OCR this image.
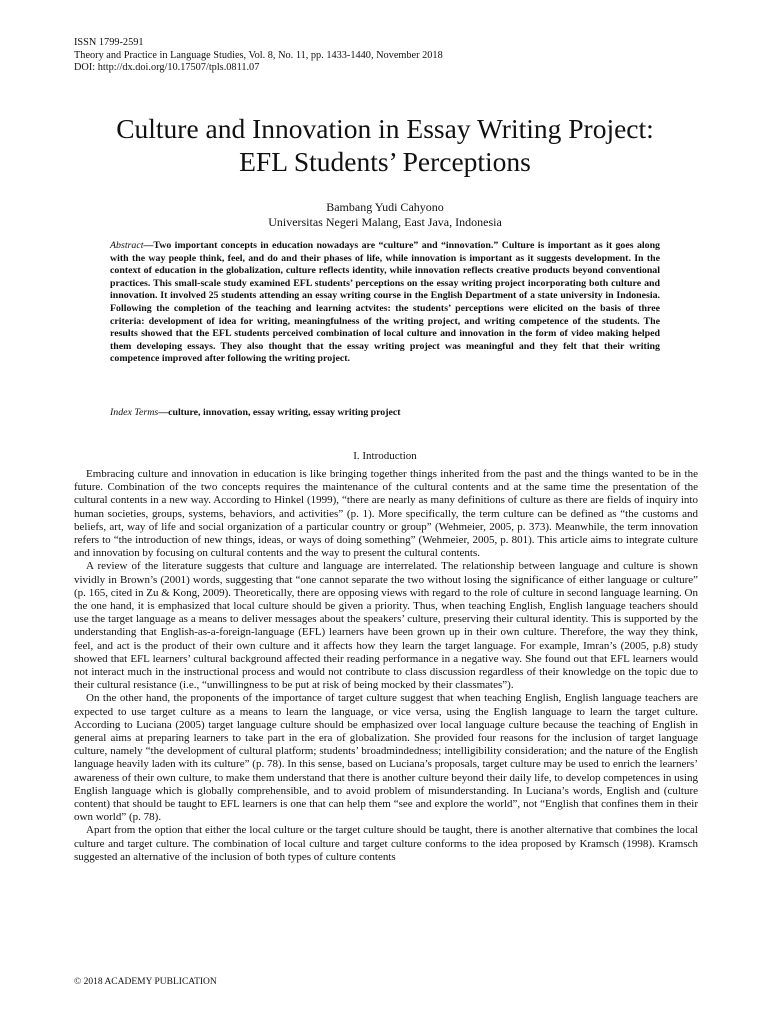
ISSN 1799-2591
Theory and Practice in Language Studies, Vol. 8, No. 11, pp. 1433-1440, November 2018
DOI: http://dx.doi.org/10.17507/tpls.0811.07
Culture and Innovation in Essay Writing Project:
EFL Students’ Perceptions
Bambang Yudi Cahyono
Universitas Negeri Malang, East Java, Indonesia
Abstract—Two important concepts in education nowadays are “culture” and “innovation.” Culture is important as it goes along with the way people think, feel, and do and their phases of life, while innovation is important as it suggests development. In the context of education in the globalization, culture reflects identity, while innovation reflects creative products beyond conventional practices. This small-scale study examined EFL students’ perceptions on the essay writing project incorporating both culture and innovation. It involved 25 students attending an essay writing course in the English Department of a state university in Indonesia. Following the completion of the teaching and learning actvites: the students’ perceptions were elicited on the basis of three criteria: development of idea for writing, meaningfulness of the writing project, and writing competence of the students. The results showed that the EFL students perceived combination of local culture and innovation in the form of video making helped them developing essays. They also thought that the essay writing project was meaningful and they felt that their writing competence improved after following the writing project.
Index Terms—culture, innovation, essay writing, essay writing project
I. Introduction

Embracing culture and innovation in education is like bringing together things inherited from the past and the things wanted to be in the future. Combination of the two concepts requires the maintenance of the cultural contents and at the same time the presentation of the cultural contents in a new way. According to Hinkel (1999), “there are nearly as many definitions of culture as there are fields of inquiry into human societies, groups, systems, behaviors, and activities” (p. 1). More specifically, the term culture can be defined as “the customs and beliefs, art, way of life and social organization of a particular country or group” (Wehmeier, 2005, p. 373). Meanwhile, the term innovation refers to “the introduction of new things, ideas, or ways of doing something” (Wehmeier, 2005, p. 801). This article aims to integrate culture and innovation by focusing on cultural contents and the way to present the cultural contents.

A review of the literature suggests that culture and language are interrelated. The relationship between language and culture is shown vividly in Brown’s (2001) words, suggesting that “one cannot separate the two without losing the significance of either language or culture” (p. 165, cited in Zu & Kong, 2009). Theoretically, there are opposing views with regard to the role of culture in second language learning. On the one hand, it is emphasized that local culture should be given a priority. Thus, when teaching English, English language teachers should use the target language as a means to deliver messages about the speakers’ culture, preserving their cultural identity. This is supported by the understanding that English-as-a-foreign-language (EFL) learners have been grown up in their own culture. Therefore, the way they think, feel, and act is the product of their own culture and it affects how they learn the target language. For example, Imran’s (2005, p.8) study showed that EFL learners’ cultural background affected their reading performance in a negative way. She found out that EFL learners would not interact much in the instructional process and would not contribute to class discussion regardless of their knowledge on the topic due to their cultural resistance (i.e., “unwillingness to be put at risk of being mocked by their classmates”).

On the other hand, the proponents of the importance of target culture suggest that when teaching English, English language teachers are expected to use target culture as a means to learn the language, or vice versa, using the English language to learn the target culture. According to Luciana (2005) target language culture should be emphasized over local language culture because the teaching of English in general aims at preparing learners to take part in the era of globalization. She provided four reasons for the inclusion of target language culture, namely “the development of cultural platform; students’ broadmindedness; intelligibility consideration; and the nature of the English language heavily laden with its culture” (p. 78). In this sense, based on Luciana’s proposals, target culture may be used to enrich the learners’ awareness of their own culture, to make them understand that there is another culture beyond their daily life, to develop competences in using English language which is globally comprehensible, and to avoid problem of misunderstanding. In Luciana’s words, English and (culture content) that should be taught to EFL learners is one that can help them “see and explore the world”, not “English that confines them in their own world” (p. 78).

Apart from the option that either the local culture or the target culture should be taught, there is another alternative that combines the local culture and target culture. The combination of local culture and target culture conforms to the idea proposed by Kramsch (1998). Kramsch suggested an alternative of the inclusion of both types of culture contents

© 2018 ACADEMY PUBLICATION
